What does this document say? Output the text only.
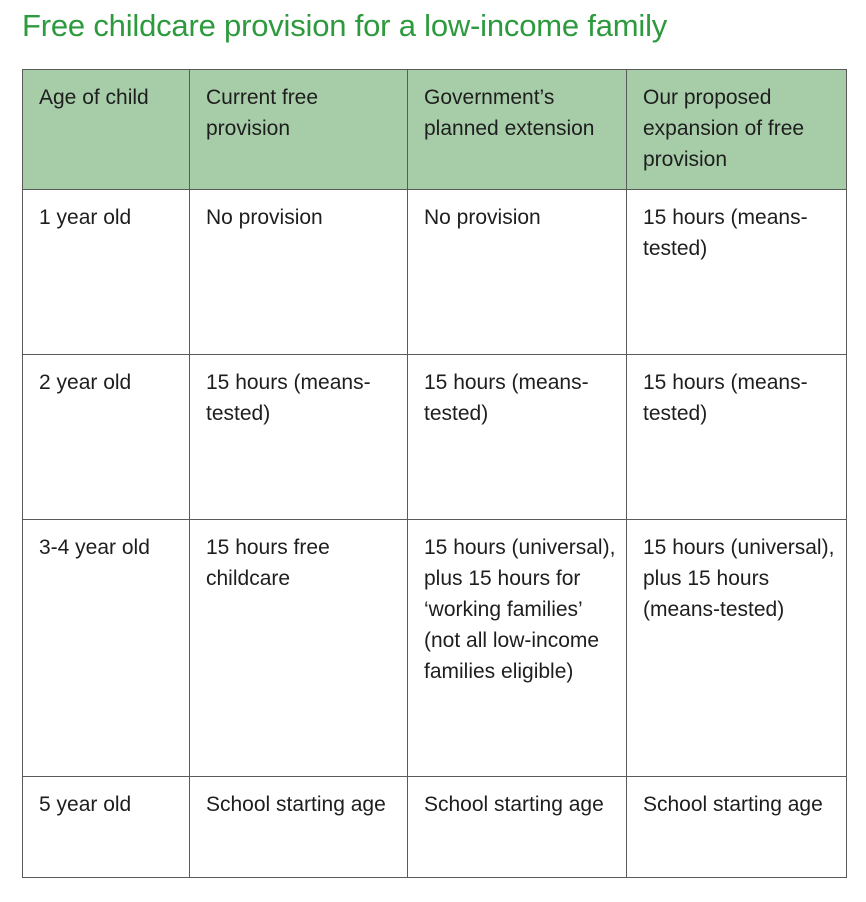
Free childcare provision for a low-income family
Age of child	Current free provision	Government’s planned extension	Our proposed expansion of free provision

1 year old	No provision	No provision	15 hours (means-tested)

2 year old	15 hours (means-tested)	15 hours (means-tested)	15 hours (means-tested)

3-4 year old	15 hours free childcare	15 hours (universal), plus 15 hours for ‘working families’ (not all low-income families eligible)	15 hours (universal), plus 15 hours (means-tested)

5 year old	School starting age	School starting age	School starting age
